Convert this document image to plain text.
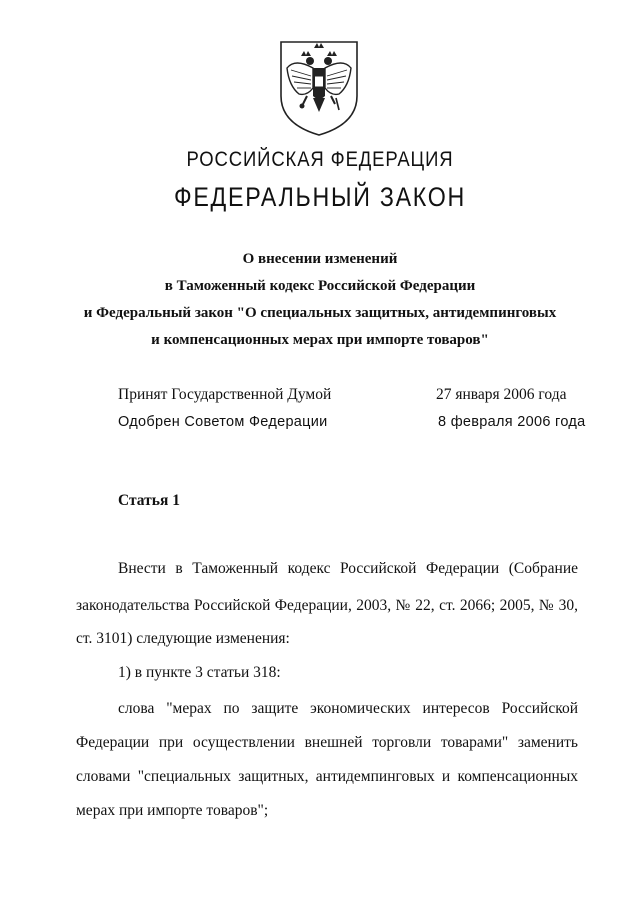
РОССИЙСКАЯ ФЕДЕРАЦИЯ
ФЕДЕРАЛЬНЫЙ ЗАКОН
О внесении изменений
в Таможенный кодекс Российской Федерации
и Федеральный закон "О специальных защитных, антидемпинговых
и компенсационных мерах при импорте товаров"
Принят Государственной Думой	27 января 2006 года
Одобрен Советом Федерации	8 февраля 2006 года
Статья 1
Внести в Таможенный кодекс Российской Федерации (Собрание
законодательства Российской Федерации, 2003, № 22, ст. 2066; 2005, № 30,
ст. 3101) следующие изменения:
1) в пункте 3 статьи 318:
слова "мерах по защите экономических интересов Российской
Федерации при осуществлении внешней торговли товарами" заменить
словами "специальных защитных, антидемпинговых и компенсационных
мерах при импорте товаров";
